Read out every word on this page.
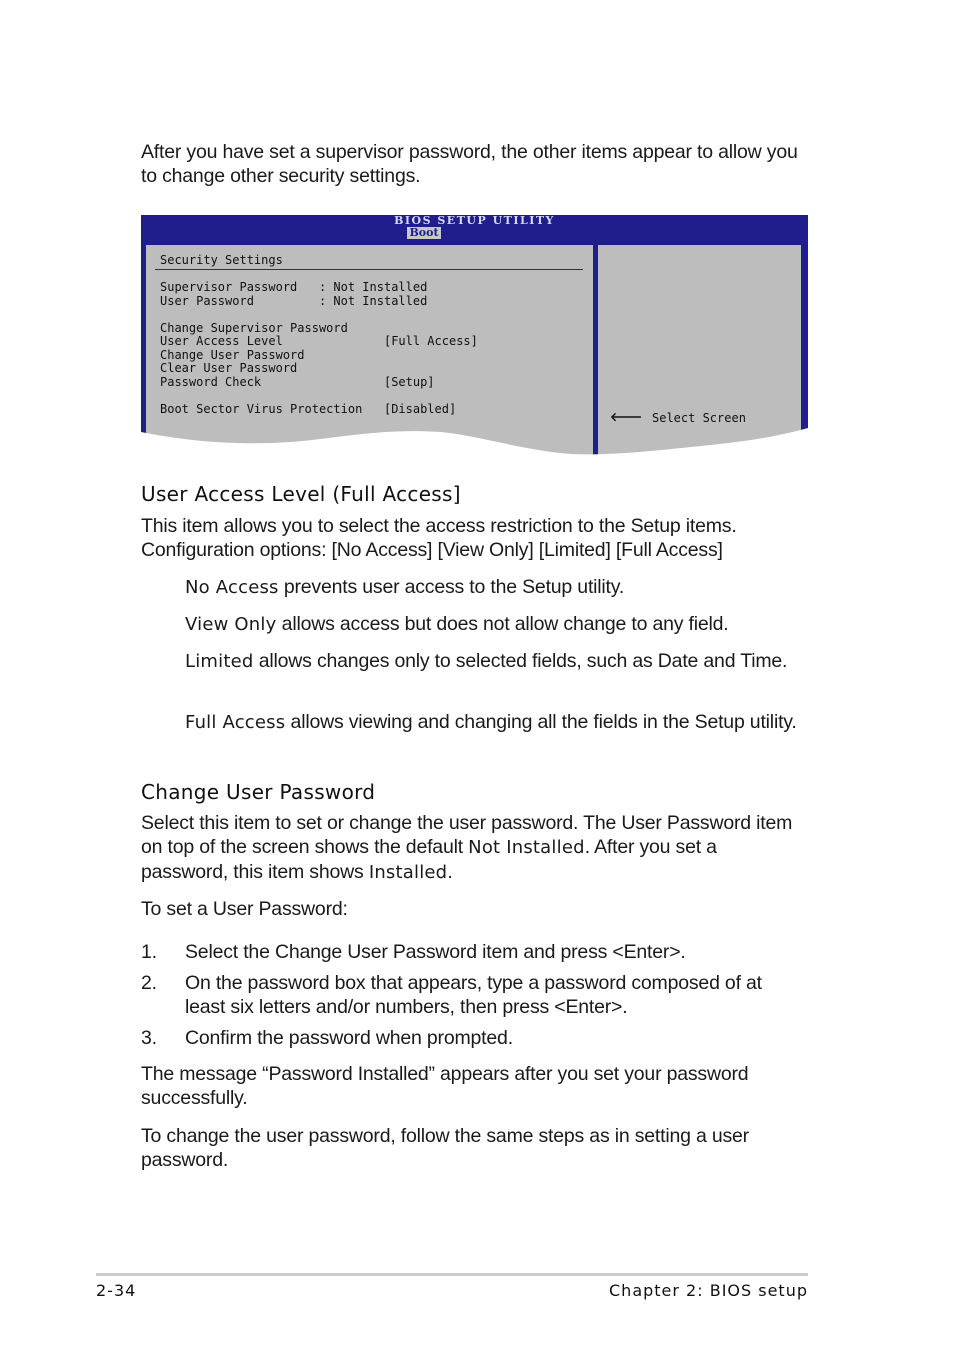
After you have set a supervisor password, the other items appear to allow you to change other security settings.
BIOS SETUP UTILITY
Boot
Security Settings
Supervisor Password   : Not Installed
User Password         : Not Installed
Change Supervisor Password
User Access Level              [Full Access]
Change User Password
Clear User Password
Password Check                 [Setup]
Boot Sector Virus Protection   [Disabled]
🡐 Select Screen
User Access Level (Full Access]
This item allows you to select the access restriction to the Setup items. Configuration options: [No Access] [View Only] [Limited] [Full Access]
No Access prevents user access to the Setup utility.
View Only allows access but does not allow change to any field.
Limited allows changes only to selected fields, such as Date and Time.
Full Access allows viewing and changing all the fields in the Setup utility.
Change User Password
Select this item to set or change the user password. The User Password item on top of the screen shows the default Not Installed. After you set a password, this item shows Installed.
To set a User Password:
1. Select the Change User Password item and press <Enter>.
2. On the password box that appears, type a password composed of at least six letters and/or numbers, then press <Enter>.
3. Confirm the password when prompted.
The message “Password Installed” appears after you set your password successfully.
To change the user password, follow the same steps as in setting a user password.
2-34	Chapter 2: BIOS setup
